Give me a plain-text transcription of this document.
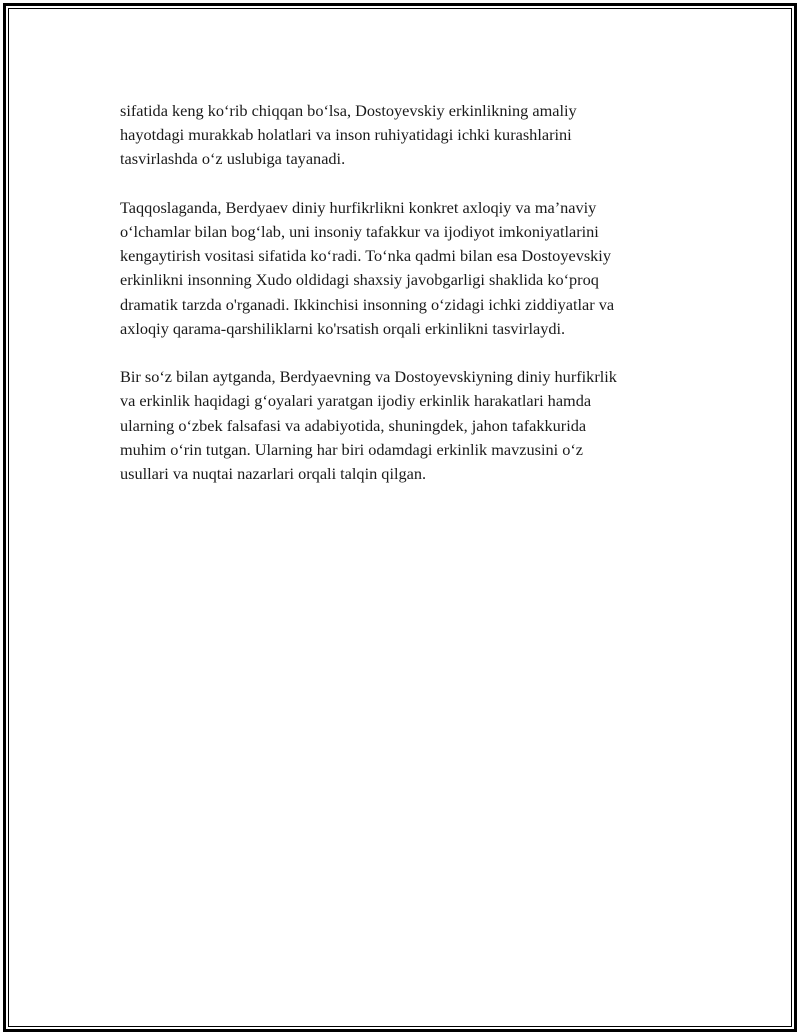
sifatida keng koʻrib chiqqan boʻlsa, Dostoyevskiy erkinlikning amaliy
hayotdagi murakkab holatlari va inson ruhiyatidagi ichki kurashlarini
tasvirlashda oʻz uslubiga tayanadi.

Taqqoslaganda, Berdyaev diniy hurfikrlikni konkret axloqiy va ma’naviy
oʻlchamlar bilan bogʻlab, uni insoniy tafakkur va ijodiyot imkoniyatlarini
kengaytirish vositasi sifatida koʻradi. Toʻnka qadmi bilan esa Dostoyevskiy
erkinlikni insonning Xudo oldidagi shaxsiy javobgarligi shaklida koʻproq
dramatik tarzda o'rganadi. Ikkinchisi insonning oʻzidagi ichki ziddiyatlar va
axloqiy qarama-qarshiliklarni ko'rsatish orqali erkinlikni tasvirlaydi.

Bir soʻz bilan aytganda, Berdyaevning va Dostoyevskiyning diniy hurfikrlik
va erkinlik haqidagi gʻoyalari yaratgan ijodiy erkinlik harakatlari hamda
ularning oʻzbek falsafasi va adabiyotida, shuningdek, jahon tafakkurida
muhim oʻrin tutgan. Ularning har biri odamdagi erkinlik mavzusini oʻz
usullari va nuqtai nazarlari orqali talqin qilgan.
